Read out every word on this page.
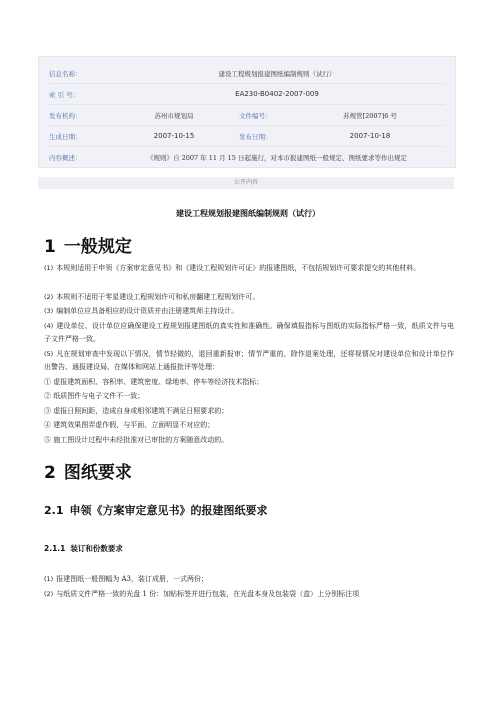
信息名称：	建设工程规划报建图纸编制规则（试行）		
索 引 号：	EA230-B0402-2007-009		
发布机构：	苏州市规划局	文件编号：	苏规管[2007]6 号
生成日期：	2007-10-15	发布日期：	2007-10-18
内容概述：	《规则》自 2007 年 11 月 15 日起施行，对本市报建图纸一般规定、图纸要求等作出规定		
公开内容
建设工程规划报建图纸编制规则（试行）
1 一般规定
(1) 本规则适用于申领《方案审定意见书》和《建设工程规划许可证》的报建图纸，不包括规划许可要求提交的其他材料。
(2) 本规则不适用于零星建设工程规划许可和私房翻建工程规划许可。
(3) 编制单位应具备相应的设计资质并由注册建筑师主持设计。
(4) 建设单位、设计单位应确保建设工程规划报建图纸的真实性和准确性。确保填报指标与图纸的实际指标严格一致，纸质文件与电子文件严格一致。
(5) 凡在规划审查中发现以下情况，情节轻微的，退回重新报审；情节严重的，除作退案处理，还将视情况对建设单位和设计单位作出警告、通报建设局、在媒体和网站上通报批评等处理：
① 虚报建筑面积、容积率、建筑密度、绿地率、停车等经济技术指标；
② 纸质图件与电子文件不一致；
③ 虚报日照间距，造成自身或相邻建筑不满足日照要求的；
④ 建筑效果图弄虚作假，与平面、立面明显不对应的；
⑤ 施工图设计过程中未经批准对已审批的方案随意改动的。
2 图纸要求
2.1 申领《方案审定意见书》的报建图纸要求
2.1.1 装订和份数要求
(1) 报建图纸一般图幅为 A3，装订成册，一式两份；
(2) 与纸质文件严格一致的光盘 1 份：加贴标签并进行包装，在光盘本身及包装袋（盒）上分别标注项
